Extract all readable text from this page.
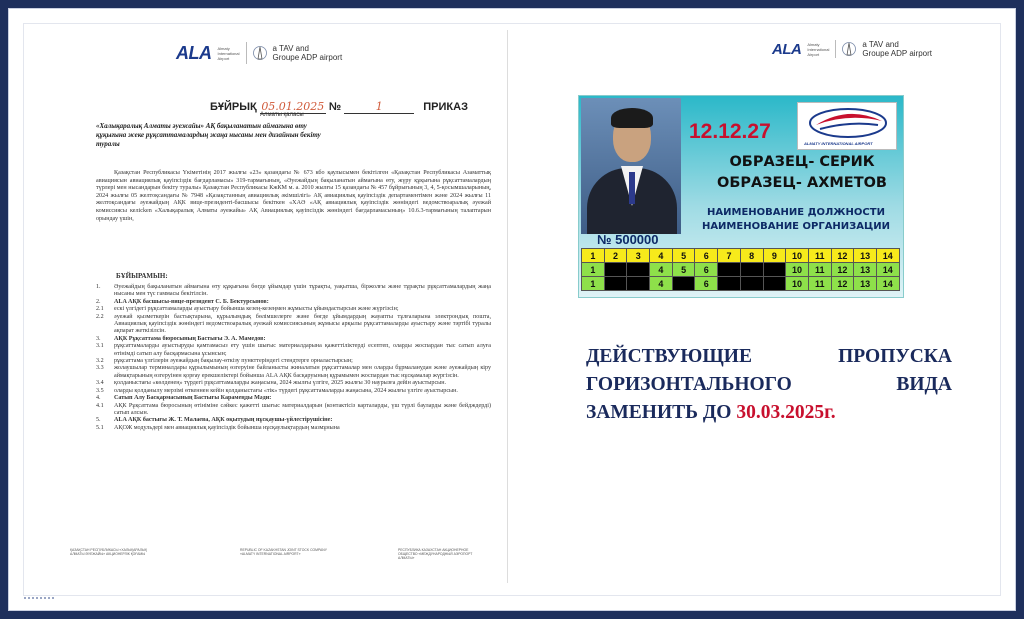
ALA Almaty International Airport
a TAV and
Groupe ADP airport
ALA Almaty International Airport
a TAV and
Groupe ADP airport
БҰЙРЫҚ 05.01.2025 №	1	ПРИКАЗ
Алматы қаласы
«Халықаралық Алматы әуежайы» АҚ бақыланатын аймағына өту құқығына жеке рұқсаттамалардың жаңа нысаны мен дизайнын бекіту туралы
Қазақстан Республикасы Үкіметінің 2017 жылғы «23» қазандағы № 673 кбо қаулысымен бекітілген «Қазақстан Республикасы Азаматтық авиациясын авиациялық қауіпсіздік бағдарламасы» 319-тармағының, «Әуежайдың бақыланатын аймағына өту, жүру құқығына рұқсаттамалардың түрлері мен нысандарын бекіту туралы» Қазақстан Республикасы КжКМ м. а. 2010 жылғы 15 қазандағы № 457 бұйрығының 3, 4, 5-қосымшаларының, 2024 жылғы 05 желтоқсандағы № 7948 «Қазақстанның авиациялық әкімшілігі» АҚ авиациялық қауіпсіздік департаментімен және 2024 жылғы 11 желтоқсандағы әуежайдың АҚК вице-президенті-басшысы бекіткен «ХАӘ «АҚ авиациялық қауіпсіздік жөніндегі ведомствоаралық әуежай комиссиясы келісken «Халықаралық Алматы әуежайы» АҚ Авиациялық қауіпсіздік жөніндегі бағдарламасының» 10.6.3-тармағының талаптарын орындау үшін,
БҰЙЫРАМЫН:
1.	Әуежайдың бақыланатын аймағына өту құқығына бөгде ұйымдар үшін тұрақты, уақытша, біржолғы және тұрақты рұқсаттамалардың жаңа нысаны мен түс гаммасы бекітілсін.
2.	ALA АҚК басшысы-вице-президент С. Б. Бектурсынов:
2.1	ескі үлгідегі рұқсаттамаларды ауыстыру бойынша кезең-кезеңмен жұмысты ұйымдастырсын және жүргізсін;
2.2	әуежай қызметкерін бастықтарына, құрылымдық бөлімшелерге және бөгде ұйымдардың жауапты тұлғаларына электрондық пошта, Авиациялық қауіпсіздік жөніндегі ведомствоаралық әуежай комиссиясының жұмысы арқылы рұқсаттамаларды ауыстыру және тәртібі туралы ақпарат жеткізілсін.
3.	АҚК Рұқсаттама бюросының Бастығы Э. А. Мамедов:
3.1	рұқсаттамаларды ауыстыруды қамтамасыз ету үшін шығыс материалдарына қажеттіліктерді есептеп, оларды жоспардан тыс сатып алуға өтінімді сатып алу басқармасына ұсынсын;
3.2	рұқсаттама үлгілерін әуежайдың бақылау-өткізу пункттеріндегі стендтерге орналастырсын;
3.3	жолаушылар терминалдары құрылымының өзгеруіне байланысты жиналатын рұқсаттамалар мен оларды бұрмаланудан және әуежайдың кіру аймақтарының өзгеруінен қорғау ерекшеліктері бойынша ALA АҚК басқаруының құрамымен жоспардан тыс нұсқамалар жүргізсін.
3.4	қолданыстағы «көлденең» түрдегі рұқсаттамаларды жаңасына, 2024 жылғы үлгіге, 2025 жылғы 30 наурызға дейін ауыстырсын.
3.5	оларды қолданылу мерзімі өткеннен кейін қолданыстағы «тік» түрдегі рұқсаттамаларды жаңасына, 2024 жылғы үлгіге ауыстырсын.
4.	Сатып Алу Басқармасының Бастығы Карамеңды Мәди:
4.1	АҚК Рұқсаттама бюросының өтініміне сәйкес қажетті шығыс материалдарын (контактісіз карталарды, үш түрлі бауларды және бейдждерді) сатып алсын.
5.	ALA АҚК бастығы Ж. Т. Малаева, АҚК оқытудың нұсқаушы-үйлестірушісіне:
5.1	АҚОЖ модульдері мен авиациялық қауіпсіздік бойынша нұсқаулықтардың мазмұнына
ҚАЗАҚСТАН РЕСПУБЛИКАСЫ «ХАЛЫҚАРАЛЫҚ АЛМАТЫ ӘУЕЖАЙЫ» АКЦИОНЕРЛІК ҚОҒАМЫ
REPUBLIC OF KAZAKHSTAN JOINT STOCK COMPANY «ALMATY INTERNATIONAL AIRPORT»
РЕСПУБЛИКА КАЗАХСТАН АКЦИОНЕРНОЕ ОБЩЕСТВО «МЕЖДУНАРОДНЫЙ АЭРОПОРТ АЛМАТЫ»
12.12.27
ALMATY INTERNATIONAL AIRPORT
ОБРАЗЕЦ- СЕРИК
ОБРАЗЕЦ- АХМЕТОВ
НАИМЕНОВАНИЕ ДОЛЖНОСТИ
НАИМЕНОВАНИЕ ОРГАНИЗАЦИИ
№ 500000
1	2	3	4	5	6	7	8	9	10	11	12	13	14
1			4	5	6				10	11	12	13	14
1			4		6				10	11	12	13	14
ДЕЙСТВУЮЩИЕ ПРОПУСКА
ГОРИЗОНТАЛЬНОГО ВИДА
ЗАМЕНИТЬ ДО 30.03.2025г.
